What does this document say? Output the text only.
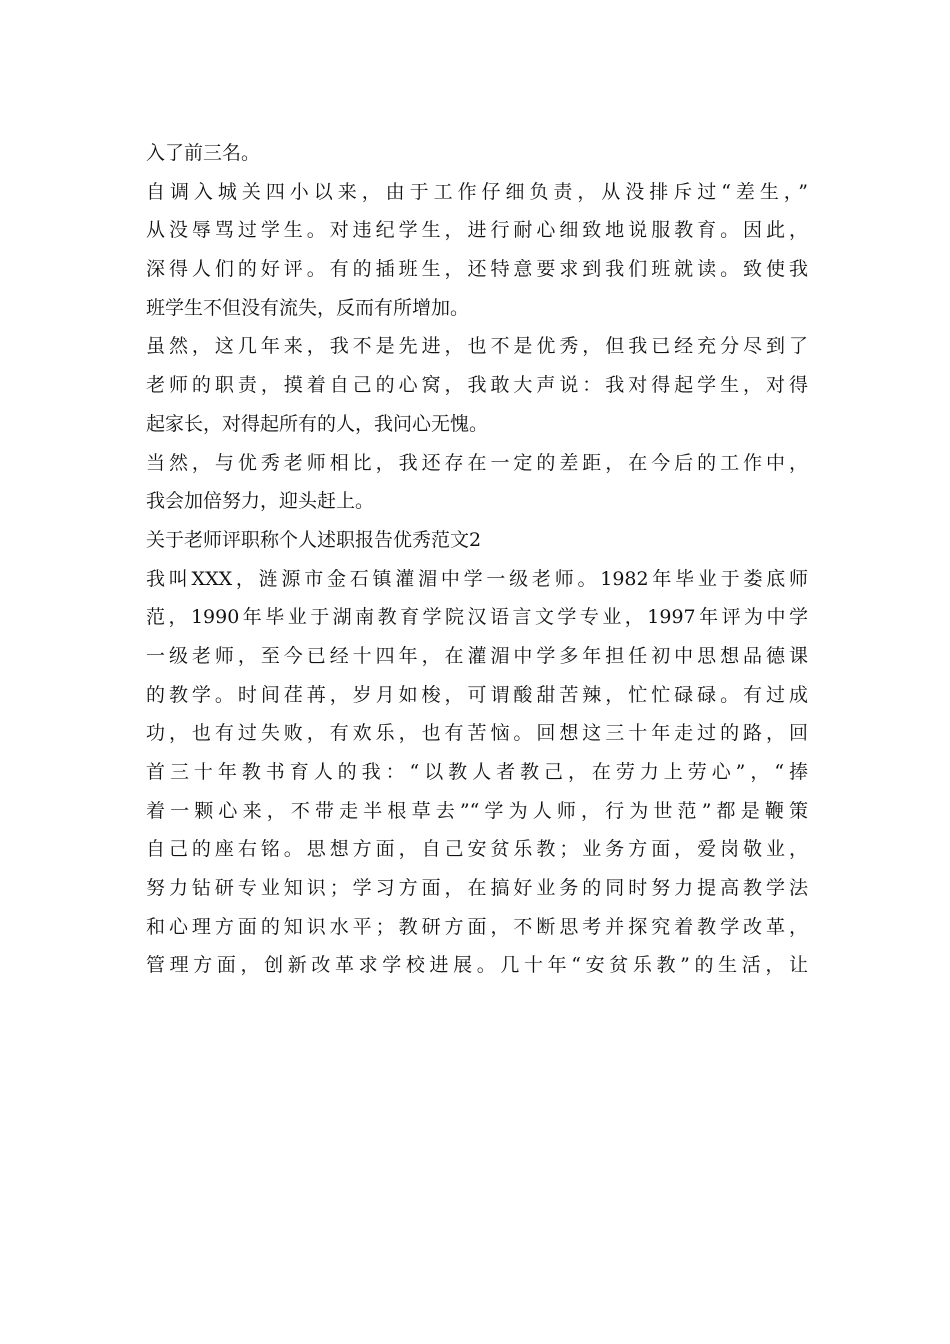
入了前三名。
自调入城关四小以来，由于工作仔细负责，从没排斥过“差生，”
从没辱骂过学生。对违纪学生，进行耐心细致地说服教育。因此，
深得人们的好评。有的插班生，还特意要求到我们班就读。致使我
班学生不但没有流失，反而有所增加。
虽然，这几年来，我不是先进，也不是优秀，但我已经充分尽到了
老师的职责，摸着自己的心窝，我敢大声说：我对得起学生，对得
起家长，对得起所有的人，我问心无愧。
当然，与优秀老师相比，我还存在一定的差距，在今后的工作中，
我会加倍努力，迎头赶上。
关于老师评职称个人述职报告优秀范文2
我叫XXX，涟源市金石镇灌湄中学一级老师。1982年毕业于娄底师
范，1990年毕业于湖南教育学院汉语言文学专业，1997年评为中学
一级老师，至今已经十四年，在灌湄中学多年担任初中思想品德课
的教学。时间荏苒，岁月如梭，可谓酸甜苦辣，忙忙碌碌。有过成
功，也有过失败，有欢乐，也有苦恼。回想这三十年走过的路，回
首三十年教书育人的我：“以教人者教己，在劳力上劳心”，“捧
着一颗心来，不带走半根草去”“学为人师，行为世范”都是鞭策
自己的座右铭。思想方面，自己安贫乐教；业务方面，爱岗敬业，
努力钻研专业知识；学习方面，在搞好业务的同时努力提高教学法
和心理方面的知识水平；教研方面，不断思考并探究着教学改革，
管理方面，创新改革求学校进展。几十年“安贫乐教”的生活，让
